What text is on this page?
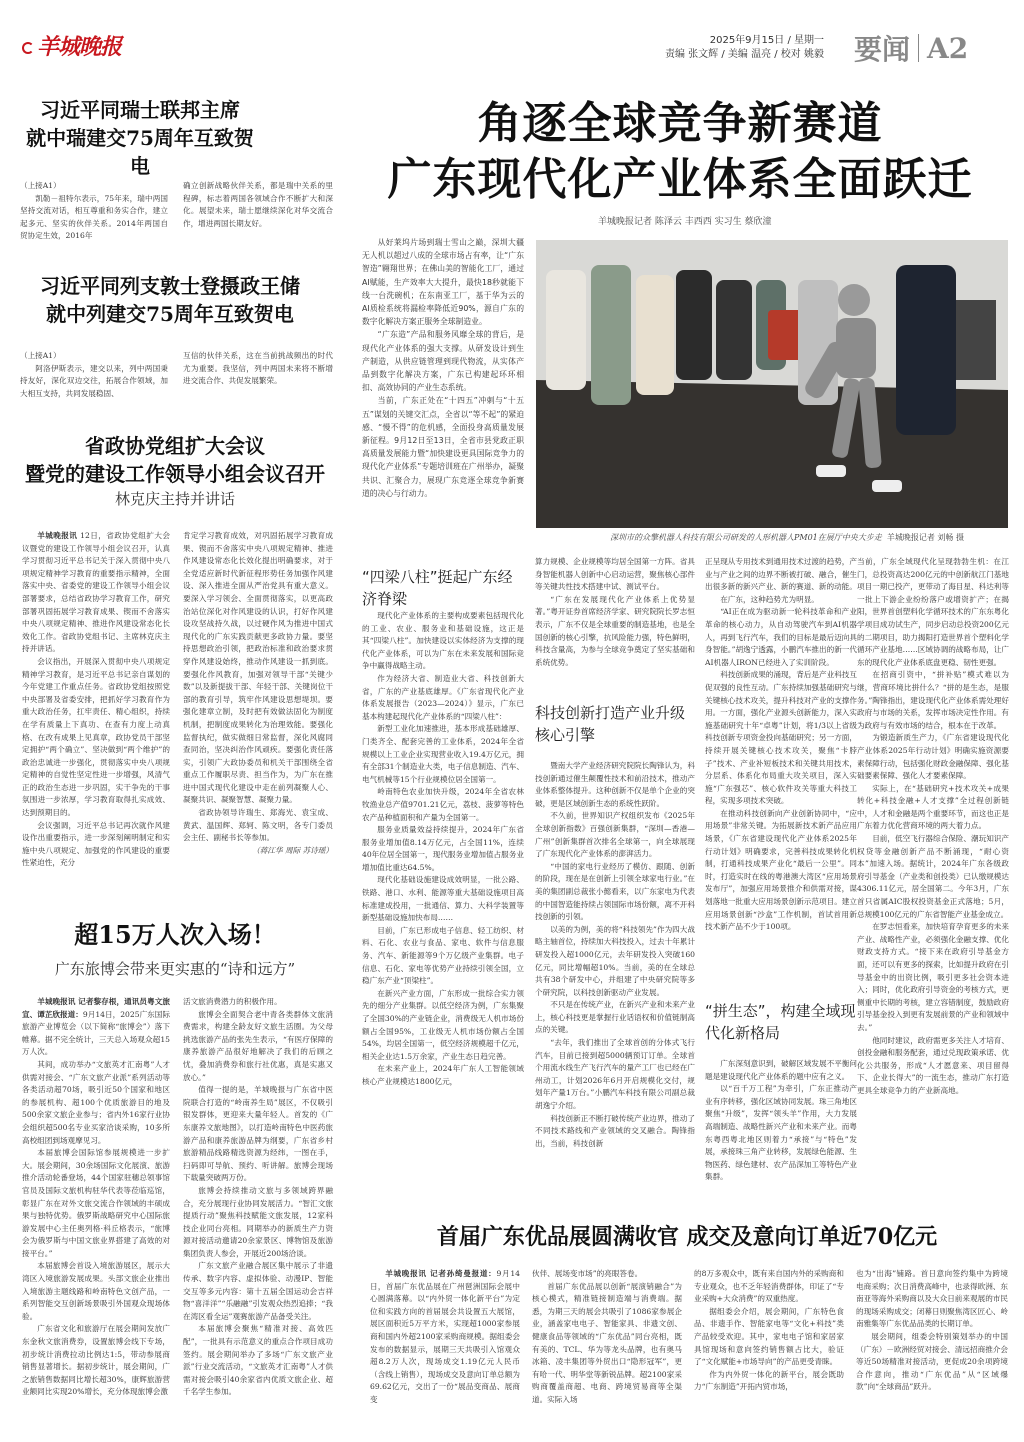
羊城晚报	2025年9月15日 / 星期一
责编 张文辉 / 美编 温亮 / 校对 姚毅 要闻 A2
习近平同瑞士联邦主席
就中瑞建交75周年互致贺电

（上接A1）

凯勒－祖特尔表示，75年来，瑞中两国坚持交流对话，相互尊重和务实合作，建立起多元、坚实的伙伴关系。2014年两国自贸协定生效，2016年

确立创新战略伙伴关系，都是瑞中关系的里程碑，标志着两国各领域合作不断扩大和深化。展望未来，瑞士愿继续深化对华交流合作，增进两国长期友好。

习近平同列支敦士登摄政王储
就中列建交75周年互致贺电

（上接A1）

阿洛伊斯表示，建交以来，列中两国秉持友好，深化双边交往，拓展合作领域，加大相互支持，共同发展稳固、

互信的伙伴关系，这在当前挑战频出的时代尤为重要。我坚信，列中两国未来将不断增进交流合作、共促发展繁荣。

省政协党组扩大会议
暨党的建设工作领导小组会议召开
林克庆主持并讲话

羊城晚报讯 12日，省政协党组扩大会议暨党的建设工作领导小组会议召开，认真学习贯彻习近平总书记关于深入贯彻中央八项规定精神学习教育的重要指示精神，全面落实中央、省委党的建设工作领导小组会议部署要求，总结省政协学习教育工作，研究部署巩固拓展学习教育成果、锲而不舍落实中央八项规定精神、推进作风建设常态化长效化工作。省政协党组书记、主席林克庆主持并讲话。

会议指出，开展深入贯彻中央八项规定精神学习教育，是习近平总书记亲自谋划的今年党建工作重点任务。省政协党组按照党中央部署及省委安排，把抓好学习教育作为重大政治任务，扛牢责任、精心组织，持续在学有质量上下真功、在查有力度上动真格、在改有成果上见真章，政协党员干部坚定拥护“两个确立”、坚决做到“两个维护”的政治忠诚进一步强化，贯彻落实中央八项规定精神的自觉性坚定性进一步增强，风清气正的政治生态进一步巩固，实干争先的干事氛围进一步浓厚，学习教育取得扎实成效、达到预期目的。

会议强调，习近平总书记再次就作风建设作出重要指示，进一步深刻阐明制定和实施中央八项规定、加强党的作风建设的重要性紧迫性，充分

肯定学习教育成效，对巩固拓展学习教育成果、锲而不舍落实中央八项规定精神、推进作风建设常态化长效化提出明确要求，对于全党适应新时代新征程形势任务加强作风建设、深入推进全面从严治党具有重大意义。要深入学习领会、全面贯彻落实，以更高政治站位深化对作风建设的认识，打好作风建设攻坚战持久战，以过硬作风为推进中国式现代化的广东实践贡献更多政协力量。要坚持思想政治引领，把政治标准和政治要求贯穿作风建设始终，推动作风建设一抓到底。要强化作风教育，加强对领导干部“关键少数”以及新提拔干部、年轻干部、关键岗位干部的教育引导，筑牢作风建设思想堤坝。要强化建章立制，及时把有效做法固化为制度机制，把制度成果转化为治理效能。要强化监督执纪，做实做细日常监督，深化风腐同查同治，坚决纠治作风顽疾。要强化责任落实，引领广大政协委员和机关干部围绕全省重点工作履职尽责、担当作为，为广东在推进中国式现代化建设中走在前列凝聚人心、凝聚共识、凝聚智慧、凝聚力量。

省政协领导许瑞生、郑海光、袁宝成、黄武、温国辉、郑轲、陈文明，各专门委员会主任、副秘书长等参加。

（蒋江华 周际 苏诗瑶）

超15万人次入场！
广东旅博会带来更实惠的“诗和远方”

羊城晚报讯 记者黎存根，通讯员粤文旅宣、谭芷欣报道：9月14日，2025广东国际旅游产业博览会（以下简称“旅博会”）落下帷幕。据不完全统计，三天总入场观众超15万人次。

其间，成功举办“文旅英才汇南粤”人才供需对接会、“广东文旅产业派”系列活动等各类活动超70场，吸引近50个国家和地区的参展机构、超100个优质旅游目的地及500余家文旅企业参与；省内外16家行业协会组织超500名专业买家洽谈采购，10多所高校组团到场观摩见习。

本届旅博会国际馆参展规模进一步扩大。展会期间，30余场国际文化展演、旅游推介活动轮番登场，44个国家驻穗总领事馆官员及国际文旅机构驻华代表等莅临巡馆，彰显广东在对外文旅交流合作领域的丰硕成果与独特优势。俄罗斯战略研究中心国际旅游发展中心主任奥列格·科丘格表示，“旅博会为俄罗斯与中国文旅业界搭建了高效的对接平台。”

本届旅博会首设入境旅游展区，展示大湾区入境旅游发展成果。头部文旅企业推出入境旅游主题线路和岭南特色文创产品，一系列智能交互创新场景吸引外国观众现场体验。

广东省文化和旅游厅在展会期间发放广东金秋文旅消费券，设置旅博会线下专场，初步统计消费拉动比例达1:5，带动参展商销售显著增长。据初步统计，展会期间，广之旅销售数据同比增长超30%，康辉旅游营业额同比实现20%增长，充分体现旅博会激

活文旅消费潜力的积极作用。

旅博会全面契合老中青各类群体文旅消费需求，构建全龄友好文旅生活圈。为父母挑选旅游产品的张先生表示，“有医疗保障的康养旅游产品很好地解决了我们的后顾之忧，叠加消费券和旅行社优惠，真是实惠又放心。”

值得一提的是，羊城晚报与广东省中医院联合打造的“岭南养生局”展区，不仅吸引银发群体，更迎来大量年轻人。首发的《广东康养文旅地图》，以打造岭南特色中医药旅游产品和康养旅游品牌为纲要，广东省乡村旅游精品线路精选资源为经纬，一图在手，扫码即可导航、预约、听讲解。旅博会现场下载量突破两万份。

旅博会持续推动文旅与多领域跨界融合，充分展现行业协同发展活力。“智汇文旅提质行动”聚焦科技赋能文旅发展，12家科技企业同台亮相。同期举办的新质生产力资源对接活动邀请20余家景区、博物馆及旅游集团负责人参会，开展近200场洽谈。

广东文旅产业融合展区集中展示了非遗传承、数字内容、虚拟体验、动漫IP、智能交互等多元内容：第十五届全国运动会吉祥物“喜洋洋”“乐融融”引发观众热烈追捧；“我在湾区看全运”观赛旅游产品备受关注。

本届旅博会聚焦“精准对接、高效匹配”，一批具有示范意义的重点合作项目成功签约。展会期间举办了多场“广东文旅产业派”行业交流活动，“文旅英才汇南粤”人才供需对接会吸引40余家省内优质文旅企业、超千名学生参加。

角逐全球竞争新赛道
广东现代化产业体系全面跃迁
羊城晚报记者 陈泽云 丰西西 实习生 蔡欣潼

从好莱坞片场到瑞士雪山之巅，深圳大疆无人机以超过八成的全球市场占有率，让“广东智造”翱翔世界；在佛山美的智能化工厂，通过AI赋能，生产效率大大提升，最快18秒就能下线一台洗碗机；在东南亚工厂，基于华为云的AI质检系统将漏检率降低近90%，源自广东的数字化解决方案正服务全球制造业。

“广东造”产品和服务风靡全球的背后，是现代化产业体系的强大支撑。从研发设计到生产制造，从供应链管理到现代物流，从实体产品到数字化解决方案，广东已构建起环环相扣、高效协同的产业生态系统。

当前，广东正处在“十四五”冲刺与“十五五”谋划的关键交汇点，全省以“等不起”的紧迫感、“慢不得”的危机感，全面投身高质量发展新征程。9月12日至13日，全省市县党政正职高质量发展能力暨“加快建设更具国际竞争力的现代化产业体系”专题培训班在广州举办，凝聚共识、汇聚合力，展现广东竞逐全球竞争新赛道的决心与行动力。

深圳市的众擎机器人科技有限公司研发的人形机器人PM01在展厅中央大步走 羊城晚报记者 刘畅 摄
“四梁八柱”挺起广东经济脊梁

现代化产业体系的主要构成要素包括现代化的工业、农业、服务业和基础设施，这正是其“四梁八柱”。加快建设以实体经济为支撑的现代化产业体系，可以为广东在未来发展和国际竞争中赢得战略主动。

作为经济大省、制造业大省、科技创新大省，广东的产业基底雄厚。《广东省现代化产业体系发展报告（2023—2024）》显示，广东已基本构建起现代化产业体系的“四梁八柱”：

新型工业化加速推进，基本形成基础雄厚、门类齐全、配套完善的工业体系，2024年全省规模以上工业企业实现营业收入19.4万亿元，拥有全部31个制造业大类，电子信息制造、汽车、电气机械等15个行业规模位居全国第一。

岭南特色农业加快升级，2024年全省农林牧渔业总产值9701.21亿元，荔枝、菠萝等特色农产品种植面积和产量为全国第一。

服务业质量效益持续提升，2024年广东省服务业增加值8.14万亿元，占全国11%，连续40年位居全国第一，现代服务业增加值占服务业增加值比重达64.5%。

现代化基础设施建设成效明显，一批公路、铁路、港口、水利、能源等重大基础设施项目高标准建成投用，一批通信、算力、大科学装置等新型基础设施加快布局……

目前，广东已形成电子信息、轻工纺织、材料、石化、农业与食品、家电、软件与信息服务、汽车、新能源等9个万亿级产业集群。电子信息、石化、家电等优势产业持续引领全国，立稳广东产业“顶梁柱”。

在新兴产业方面，广东形成一批综合实力领先的细分产业集群。以低空经济为例，广东集聚了全国30%的产业链企业，消费级无人机市场份额占全国95%，工业级无人机市场份额占全国54%，均居全国第一，低空经济规模超千亿元，相关企业达1.5万余家，产业生态日趋完善。

在未来产业上，2024年广东人工智能领域核心产业规模达1800亿元，

算力规模、企业规模等均居全国第一方阵。省具身智能机器人创新中心启动运营，聚焦核心部件等关键共性技术搭建中试、测试平台。

“广东在发展现代化产业体系上优势显著。”粤开证券首席经济学家、研究院院长罗志恒表示，广东不仅是全球重要的制造基地，也是全国创新的核心引擎，抗风险能力强，特色鲜明，科技含量高，为参与全球竞争奠定了坚实基础和系统优势。

科技创新打造产业升级核心引擎

暨南大学产业经济研究院院长陶锋认为，科技创新通过催生颠覆性技术和前沿技术，推动产业体系整体提升。这种创新不仅是单个企业的突破，更是区域创新生态的系统性跃阶。

不久前，世界知识产权组织发布《2025年全球创新指数》百强创新集群，“深圳—香港—广州”创新集群首次排名全球第一，向全球展现了广东现代化产业体系的澎湃活力。

“中国的家电行业经历了模仿、跟随、创新的阶段，现在是在创新上引领全球家电行业。”在美的集团副总裁张小懿看来，以广东家电为代表的中国智造能持续占领国际市场份额，离不开科技创新的引领。

以美的为例，美的将“科技领先”作为四大战略主轴首位，持续加大科技投入，过去十年累计研发投入超1000亿元，去年研发投入突破160亿元，同比增幅超10%。当前，美的在全球总共有38个研发中心，并组建了中央研究院等多个研究院，以科技创新驱动产业发展。

不只是在传统产业，在新兴产业和未来产业上，核心科技更是掌握行业话语权和价值链制高点的关键。

“去年，我们推出了全球首创的分体式飞行汽车，目前已接到超5000辆预订订单。全球首个用流水线生产飞行汽车的量产工厂也已经在广州动工，计划2026年6月开启规模化交付，规划年产量1万台。”小鹏汽车科技有限公司副总裁胡逸宁介绍。

科技创新正不断打破传统产业边界，推动了不同技术路线和产业领域的交叉融合。陶锋指出，当前，科技创新

正呈现从专用技术到通用技术过渡的趋势，产业与产业之间的边界不断被打破、融合，催生出很多新的新兴产业、新的赛道、新的动能。

在广东，这种趋势尤为明显。

“AI正在成为驱动新一轮科技革命和产业革命的核心动力，从自动驾驶汽车到AI机器人，再到飞行汽车，我们的目标是最后迈向具身智能。”胡逸宁透露，小鹏汽车推出的新一代AI机器人IRON已经进入了实训阶段。

科技创新成果的涌现，背后是产业科技互促双强的良性互动。广东持续加强基础研究与关键核心技术攻关，提升科技对产业的支撑作用。一方面，强化产业源头创新能力，深入实施基础研究十年“卓粤”计划，将1/3以上省级科技创新专项资金投向基础研究；另一方面，持续开展关键核心技术攻关，聚焦“卡脖子”技术、产业补短板技术和关键共用技术，分层系、体系化布局重大攻关项目，深入实施“广东强芯”、核心软件攻关等重大科技工程，实现多项技术突破。

在推动科技创新向产业创新协同中，“应用场景”非常关键。为拓展新技术新产品应用场景，《广东省建设现代化产业体系2025年行动计划》明确要求，完善科技成果转化机制，打通科技成果产业化“最后一公里”。同时，打造实时在线的粤港澳大湾区“应用场景发布厅”，加强应用场景推介和供需对接，谋划落地一批重大应用场景创新示范项目。建立应用场景创新“沙盒”工作机制，首试首用新技术新产品不少于100项。

“拼生态”，构建全域现代化新格局

广东深刻意识到，破解区域发展不平衡问题是建设现代化产业体系的题中应有之义。

以“百千万工程”为牵引，广东正推动产业有序转移，强化区域协同发展。珠三角地区聚焦“升级”，发挥“领头羊”作用，大力发展高端制造、战略性新兴产业和未来产业。而粤东粤西粤北地区则着力“承接”与“特色”发展，承接珠三角产业转移，发展绿色能源、生物医药、绿色建材、农产品深加工等特色产业集群。

当前，广东全域现代化呈现勃勃生机：在江门，总投资高达200亿元的中创新航江门基地项目一期已投产，更带动了海目星、科达利等一批上下游企业纷纷落户或增资扩产；在揭阳，世界首创塑料化学循环技术的广东东粤化学项目成功试生产，同步启动总投资200亿元的二期项目，助力揭阳打造世界首个塑料化学循环产业基地……区域协调的战略布局，让广东的现代化产业体系底盘更稳、韧性更强。

在招商引资中，“拼补贴”模式难以为继，营商环境比拼什么？“拼的是生态，是服务。”陶锋指出，建设现代化产业体系需处理好政府与市场的关系，发挥市场决定性作用。有为政府与有效市场的结合，根本在于改革。

为锻造新质生产力，《广东省建设现代化产业体系2025年行动计划》明确实施资源要素保障行动，包括强化财政金融保障、强化基础要素保障、强化人才要素保障。

实际上，在“基础研究+技术攻关+成果转化+科技金融+人才支撑”全过程创新链中，人才和金融是两个重要环节，而这也正是广东着力优化营商环境的两大着力点。

目前，低空飞行器综合保险、潮玩知识产权贷等金融创新产品不断涌现，“耐心资本”加速入场。据统计，2024年广东各级政府引导基金（产业类和创投类）已认缴规模达4306.11亿元，居全国第二。今年3月，广东首只省属AIC股权投资基金正式落地；5月，总规模100亿元的广东省智能产业基金成立。

在罗志恒看来，加快培育孕育更多的未来产业、战略性产业，必须强化金融支撑、优化财政支持方式。“接下来在政府引导基金方面，还可以有更多的探索，比如提升政府在引导基金中的出资比例，吸引更多社会资本进入；同时，优化政府引导资金的考核方式，更侧重中长期的考核，建立容错制度，鼓励政府引导基金投入到更有发展前景的产业和领域中去。”

他同时建议，政府需更多关注人才培育、创投金融和服务配套，通过兑现政策承诺、优化公共服务，形成“人才愿意来、项目留得下、企业长得大”的一流生态，推动广东打造更具全球竞争力的产业新高地。

首届广东优品展圆满收官 成交及意向订单近70亿元

羊城晚报讯 记者孙绮曼报道：9月14日，首届广东优品展在广州琶洲国际会展中心圆满落幕。以“内外贸一体化新平台”为定位和实践方向的首届展会共设置五大展馆，展区面积近5万平方米，实现超1000家参展商和国内外超2100家采购商规模。据组委会发布的数据显示，展期三天共吸引入馆观众超8.2万人次，现场成交1.19亿元人民币（含线上销售），现场成交及意向订单总额为69.62亿元，交出了一份“展品变商品、展商变

伙伴、展场变市场”的亮眼答卷。

首届广东优品展以创新“展演销融合”为核心模式，精准链接制造端与消费端。据悉，为期三天的展会共吸引了1086家参展企业，涵盖家电电子、智能家具、非遗文创、健康食品等领域的“广东优品”同台亮相，既有美的、TCL、华为等龙头品牌，也有奥马冰箱、凌丰集团等外贸出口“隐形冠军”，更有哈一代、明华堂等新锐品牌。超2100家采购商覆盖商超、电商、跨境贸易商等全渠道。实际入场

的8万多观众中，既有来自国内外的采购商和专业观众，也不乏年轻消费群体，印证了“专业采购+大众消费”的双重热度。

据组委会介绍，展会期间，广东特色食品、非遗手作、智能家电等“文化+科技”类产品较受欢迎。其中，家电电子馆和家居家具馆现场和意向签约销售额占比大，验证了“文化赋能+市场导向”的产品更受青睐。

作为内外贸一体化的新平台，展会既助力“广东制造”开拓内贸市场，

也为“出海”铺路。首日意向签约集中为跨境电商采购；次日消费高峰中，也录得欧洲、东南亚等海外采购商以及大众日前来观展的市民的现场采购成交；闭幕日则聚焦湾区匠心、岭南雅集等广东优品品类的长期订单。

展会期间，组委会特别策划举办的中国（广东）－欧洲经贸对接会、清远招商推介会等近50场精准对接活动，更促成20余项跨境合作意向，推动“广东优品”从“区域爆款”向“全球商品”跃升。
